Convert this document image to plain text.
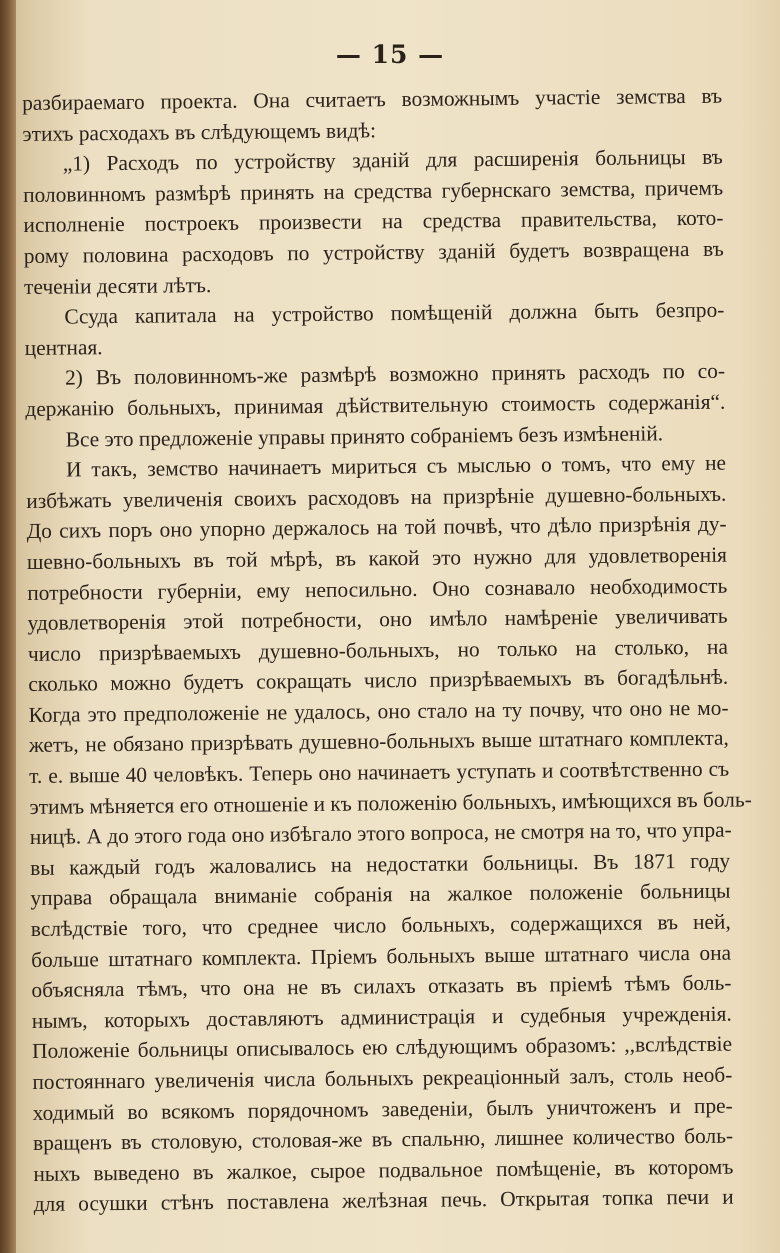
— 15 —
разбираемаго проекта. Она считаетъ возможнымъ участіе земства въ
этихъ расходахъ въ слѣдующемъ видѣ:
„1) Расходъ по устройству зданій для расширенія больницы въ
половинномъ размѣрѣ принять на средства губернскаго земства, причемъ
исполненіе построекъ произвести на средства правительства, кото-
рому половина расходовъ по устройству зданій будетъ возвращена въ
теченіи десяти лѣтъ.
Ссуда капитала на устройство помѣщеній должна быть безпро-
центная.
2) Въ половинномъ-же размѣрѣ возможно принять расходъ по со-
держанію больныхъ, принимая дѣйствительную стоимость содержанія“.
Все это предложеніе управы принято собраніемъ безъ измѣненій.
И такъ, земство начинаетъ мириться съ мыслью о томъ, что ему не
избѣжать увеличенія своихъ расходовъ на призрѣніе душевно-больныхъ.
До сихъ поръ оно упорно держалось на той почвѣ, что дѣло призрѣнія ду-
шевно-больныхъ въ той мѣрѣ, въ какой это нужно для удовлетворенія
потребности губерніи, ему непосильно. Оно сознавало необходимость
удовлетворенія этой потребности, оно имѣло намѣреніе увеличивать
число призрѣваемыхъ душевно-больныхъ, но только на столько, на
сколько можно будетъ сокращать число призрѣваемыхъ въ богадѣльнѣ.
Когда это предположеніе не удалось, оно стало на ту почву, что оно не мо-
жетъ, не обязано призрѣвать душевно-больныхъ выше штатнаго комплекта,
т. е. выше 40 человѣкъ. Теперь оно начинаетъ уступать и соотвѣтственно съ
этимъ мѣняется его отношеніе и къ положенію больныхъ, имѣющихся въ боль-
ницѣ. А до этого года оно избѣгало этого вопроса, не смотря на то, что упра-
вы каждый годъ жаловались на недостатки больницы. Въ 1871 году
управа обращала вниманіе собранія на жалкое положеніе больницы
вслѣдствіе того, что среднее число больныхъ, содержащихся въ ней,
больше штатнаго комплекта. Пріемъ больныхъ выше штатнаго числа она
объясняла тѣмъ, что она не въ силахъ отказать въ пріемѣ тѣмъ боль-
нымъ, которыхъ доставляютъ администрація и судебныя учрежденія.
Положеніе больницы описывалось ею слѣдующимъ образомъ: ,,вслѣдствіе
постояннаго увеличенія числа больныхъ рекреаціонный залъ, столь необ-
ходимый во всякомъ порядочномъ заведеніи, былъ уничтоженъ и пре-
вращенъ въ столовую, столовая-же въ спальню, лишнее количество боль-
ныхъ выведено въ жалкое, сырое подвальное помѣщеніе, въ которомъ
для осушки стѣнъ поставлена желѣзная печь. Открытая топка печи и
